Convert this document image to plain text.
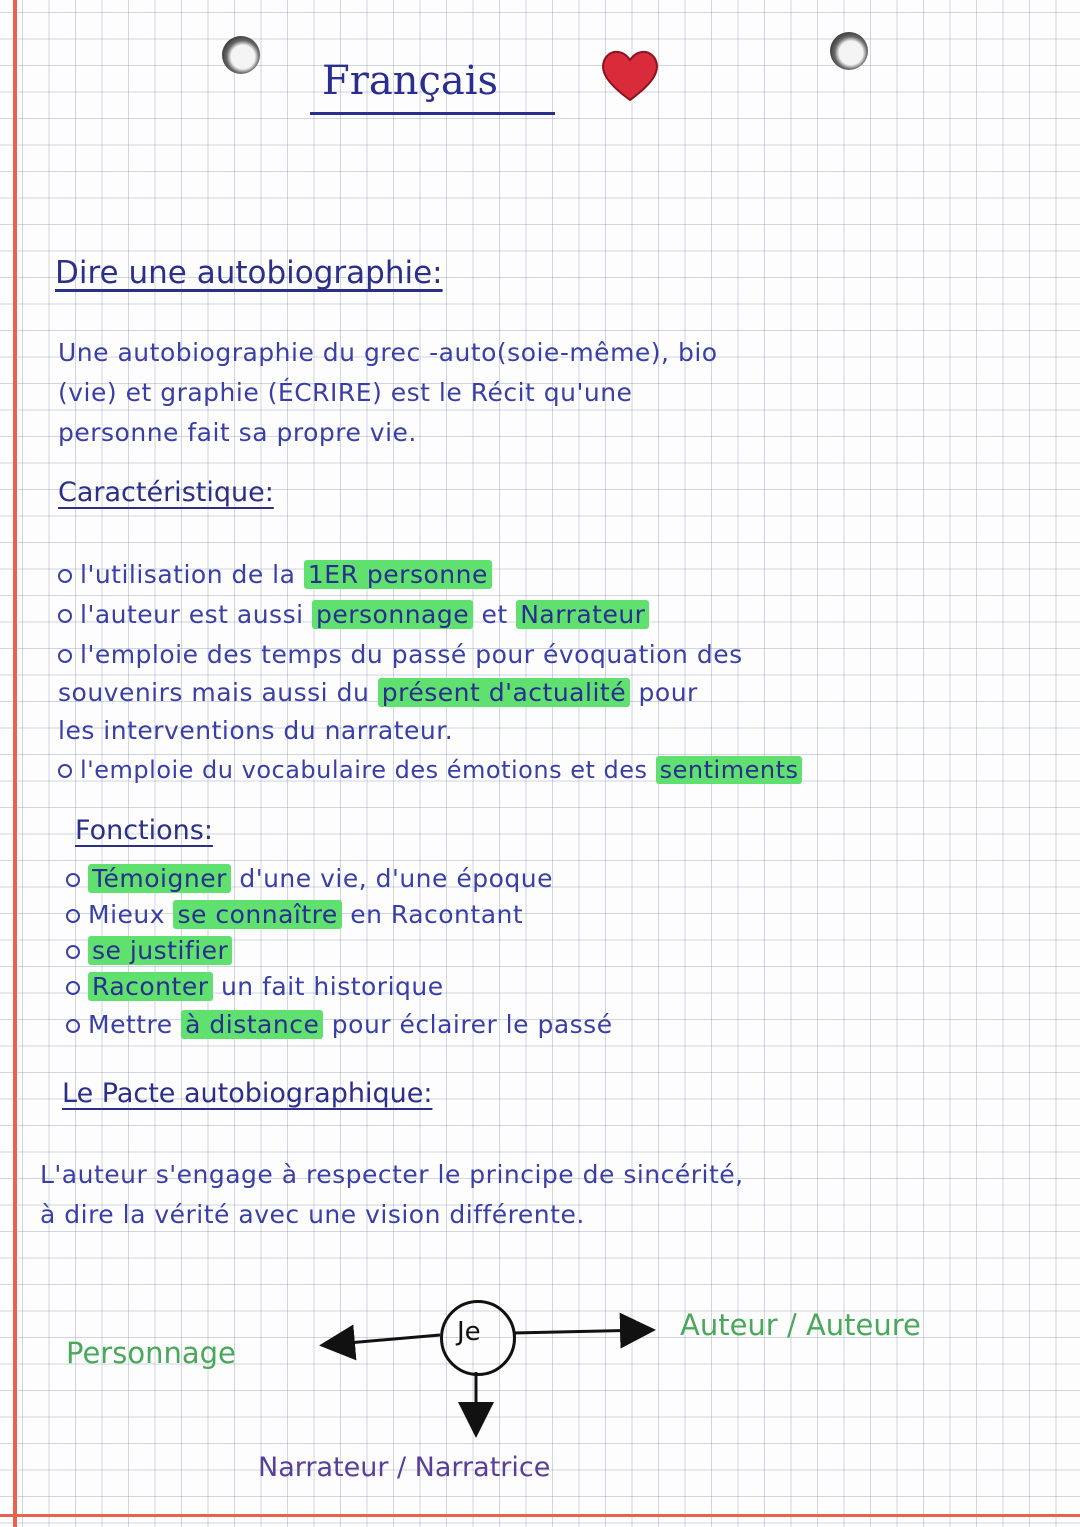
Français
Dire une autobiographie:
Une autobiographie du grec -auto(soie-même), bio
(vie) et graphie (ÉCRIRE) est le Récit qu'une
personne fait sa propre vie.
Caractéristique:
l'utilisation de la 1ER personne
l'auteur est aussi personnage et Narrateur
l'emploie des temps du passé pour évoquation des
souvenirs mais aussi du présent d'actualité pour
les interventions du narrateur.
l'emploie du vocabulaire des émotions et des sentiments
Fonctions:
Témoigner d'une vie, d'une époque
Mieux se connaître en Racontant
se justifier
Raconter un fait historique
Mettre à distance pour éclairer le passé
Le Pacte autobiographique:
L'auteur s'engage à respecter le principe de sincérité,
à dire la vérité avec une vision différente.
Je
Personnage
Auteur / Auteure
Narrateur / Narratrice
